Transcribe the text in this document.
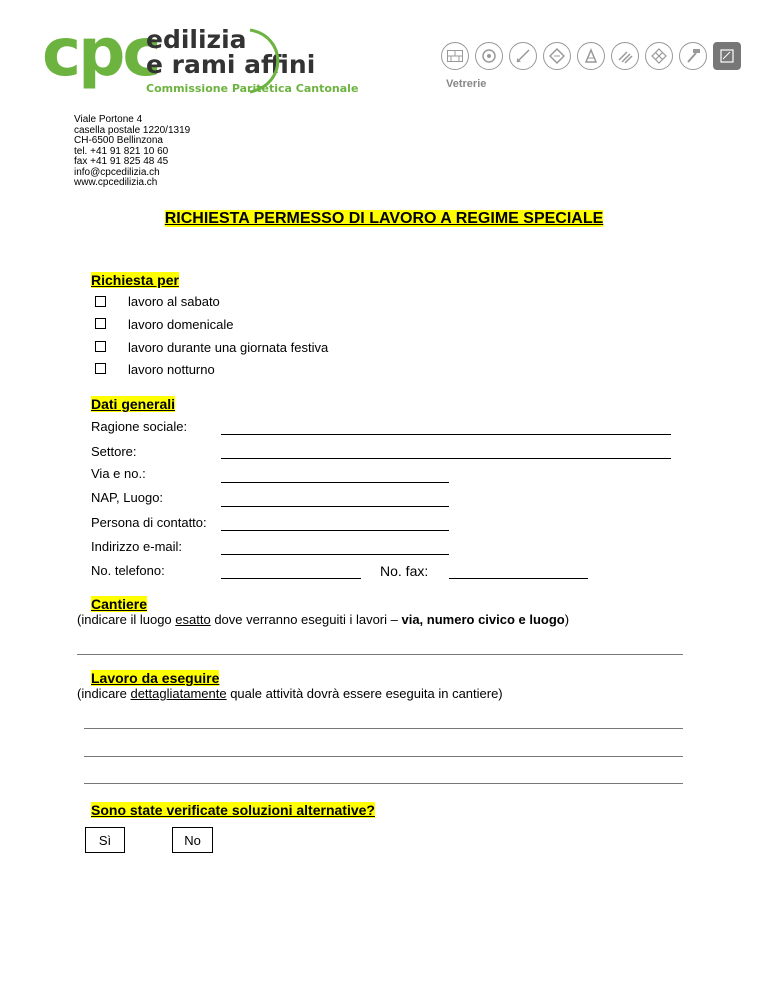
cpc
edilizia
e rami affini
Commissione Paritetica Cantonale	Vetrerie
Viale Portone 4
casella postale 1220/1319
CH-6500 Bellinzona
tel. +41 91 821 10 60
fax +41 91 825 48 45
info@cpcedilizia.ch
www.cpcedilizia.ch
RICHIESTA PERMESSO DI LAVORO A REGIME SPECIALE
Richiesta per
lavoro al sabato
lavoro domenicale
lavoro durante una giornata festiva
lavoro notturno
Dati generali
Ragione sociale:
Settore:
Via e no.:
NAP, Luogo:
Persona di contatto:
Indirizzo e-mail:
No. telefono:	No. fax:
Cantiere
(indicare il luogo esatto dove verranno eseguiti i lavori – via, numero civico e luogo)
Lavoro da eseguire
(indicare dettagliatamente quale attività dovrà essere eseguita in cantiere)
Sono state verificate soluzioni alternative?
Sì	No
